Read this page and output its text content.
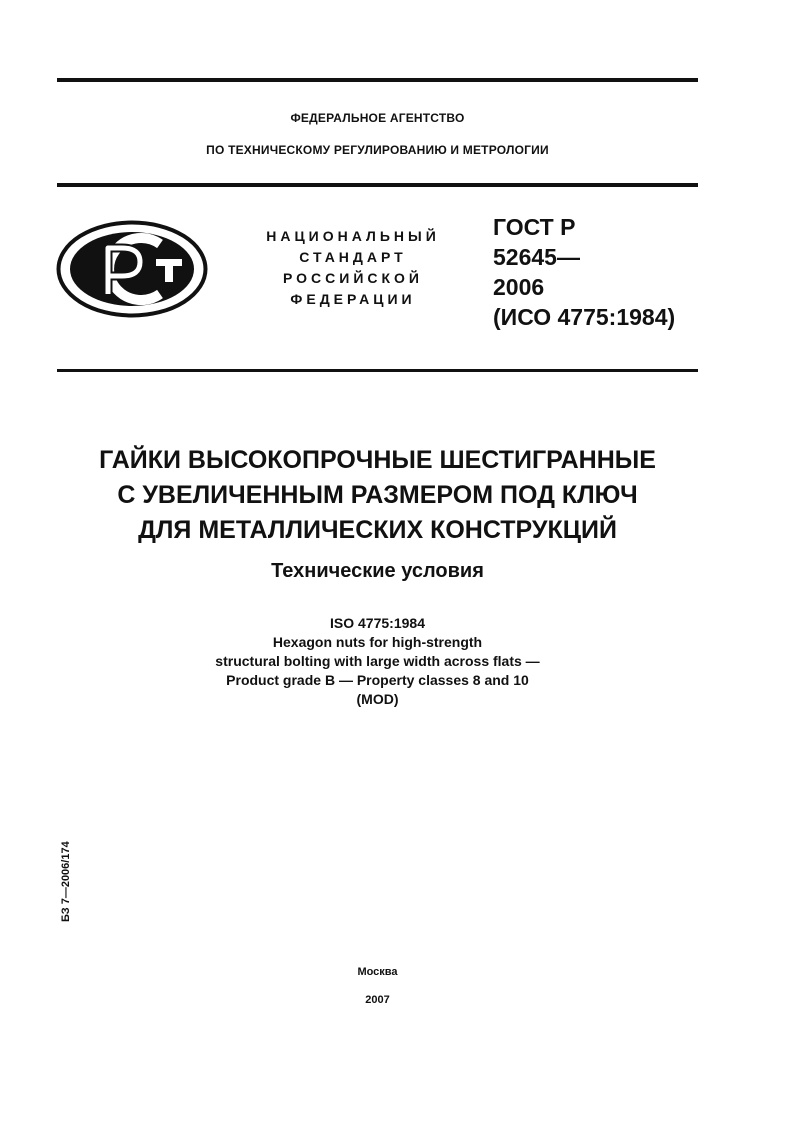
ФЕДЕРАЛЬНОЕ АГЕНТСТВО
ПО ТЕХНИЧЕСКОМУ РЕГУЛИРОВАНИЮ И МЕТРОЛОГИИ
НАЦИОНАЛЬНЫЙ
СТАНДАРТ
РОССИЙСКОЙ
ФЕДЕРАЦИИ
ГОСТ Р
52645—
2006
(ИСО 4775:1984)
ГАЙКИ ВЫСОКОПРОЧНЫЕ ШЕСТИГРАННЫЕ
С УВЕЛИЧЕННЫМ РАЗМЕРОМ ПОД КЛЮЧ
ДЛЯ МЕТАЛЛИЧЕСКИХ КОНСТРУКЦИЙ
Технические условия
ISO 4775:1984
Hexagon nuts for high-strength
structural bolting with large width across flats —
Product grade B — Property classes 8 and 10
(MOD)
БЗ 7—2006/174
Москва
2007
